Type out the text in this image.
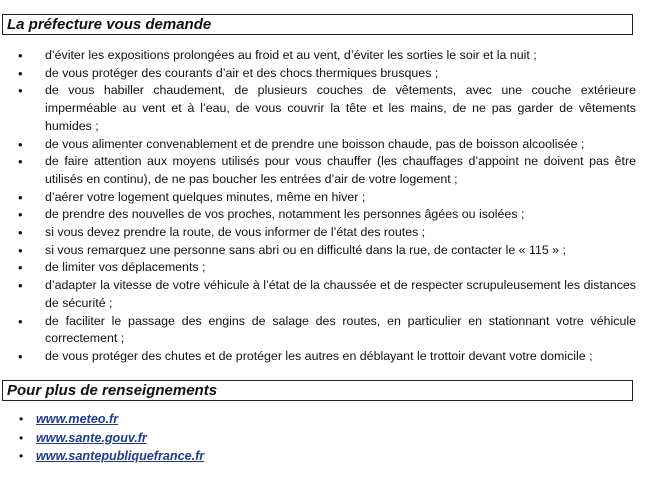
La préfecture vous demande
• d’éviter les expositions prolongées au froid et au vent, d’éviter les sorties le soir et la nuit ;
• de vous protéger des courants d’air et des chocs thermiques brusques ;
• de vous habiller chaudement, de plusieurs couches de vêtements, avec une couche extérieure imperméable au vent et à l’eau, de vous couvrir la tête et les mains, de ne pas garder de vêtements humides ;
• de vous alimenter convenablement et de prendre une boisson chaude, pas de boisson alcoolisée ;
• de faire attention aux moyens utilisés pour vous chauffer (les chauffages d’appoint ne doivent pas être utilisés en continu), de ne pas boucher les entrées d’air de votre logement ;
• d’aérer votre logement quelques minutes, même en hiver ;
• de prendre des nouvelles de vos proches, notamment les personnes âgées ou isolées ;
• si vous devez prendre la route, de vous informer de l’état des routes ;
• si vous remarquez une personne sans abri ou en difficulté dans la rue, de contacter le « 115 » ;
• de limiter vos déplacements ;
• d’adapter la vitesse de votre véhicule à l’état de la chaussée et de respecter scrupuleusement les distances de sécurité ;
• de faciliter le passage des engins de salage des routes, en particulier en stationnant votre véhicule correctement ;
• de vous protéger des chutes et de protéger les autres en déblayant le trottoir devant votre domicile ;
Pour plus de renseignements
• www.meteo.fr
• www.sante.gouv.fr
• www.santepubliquefrance.fr
